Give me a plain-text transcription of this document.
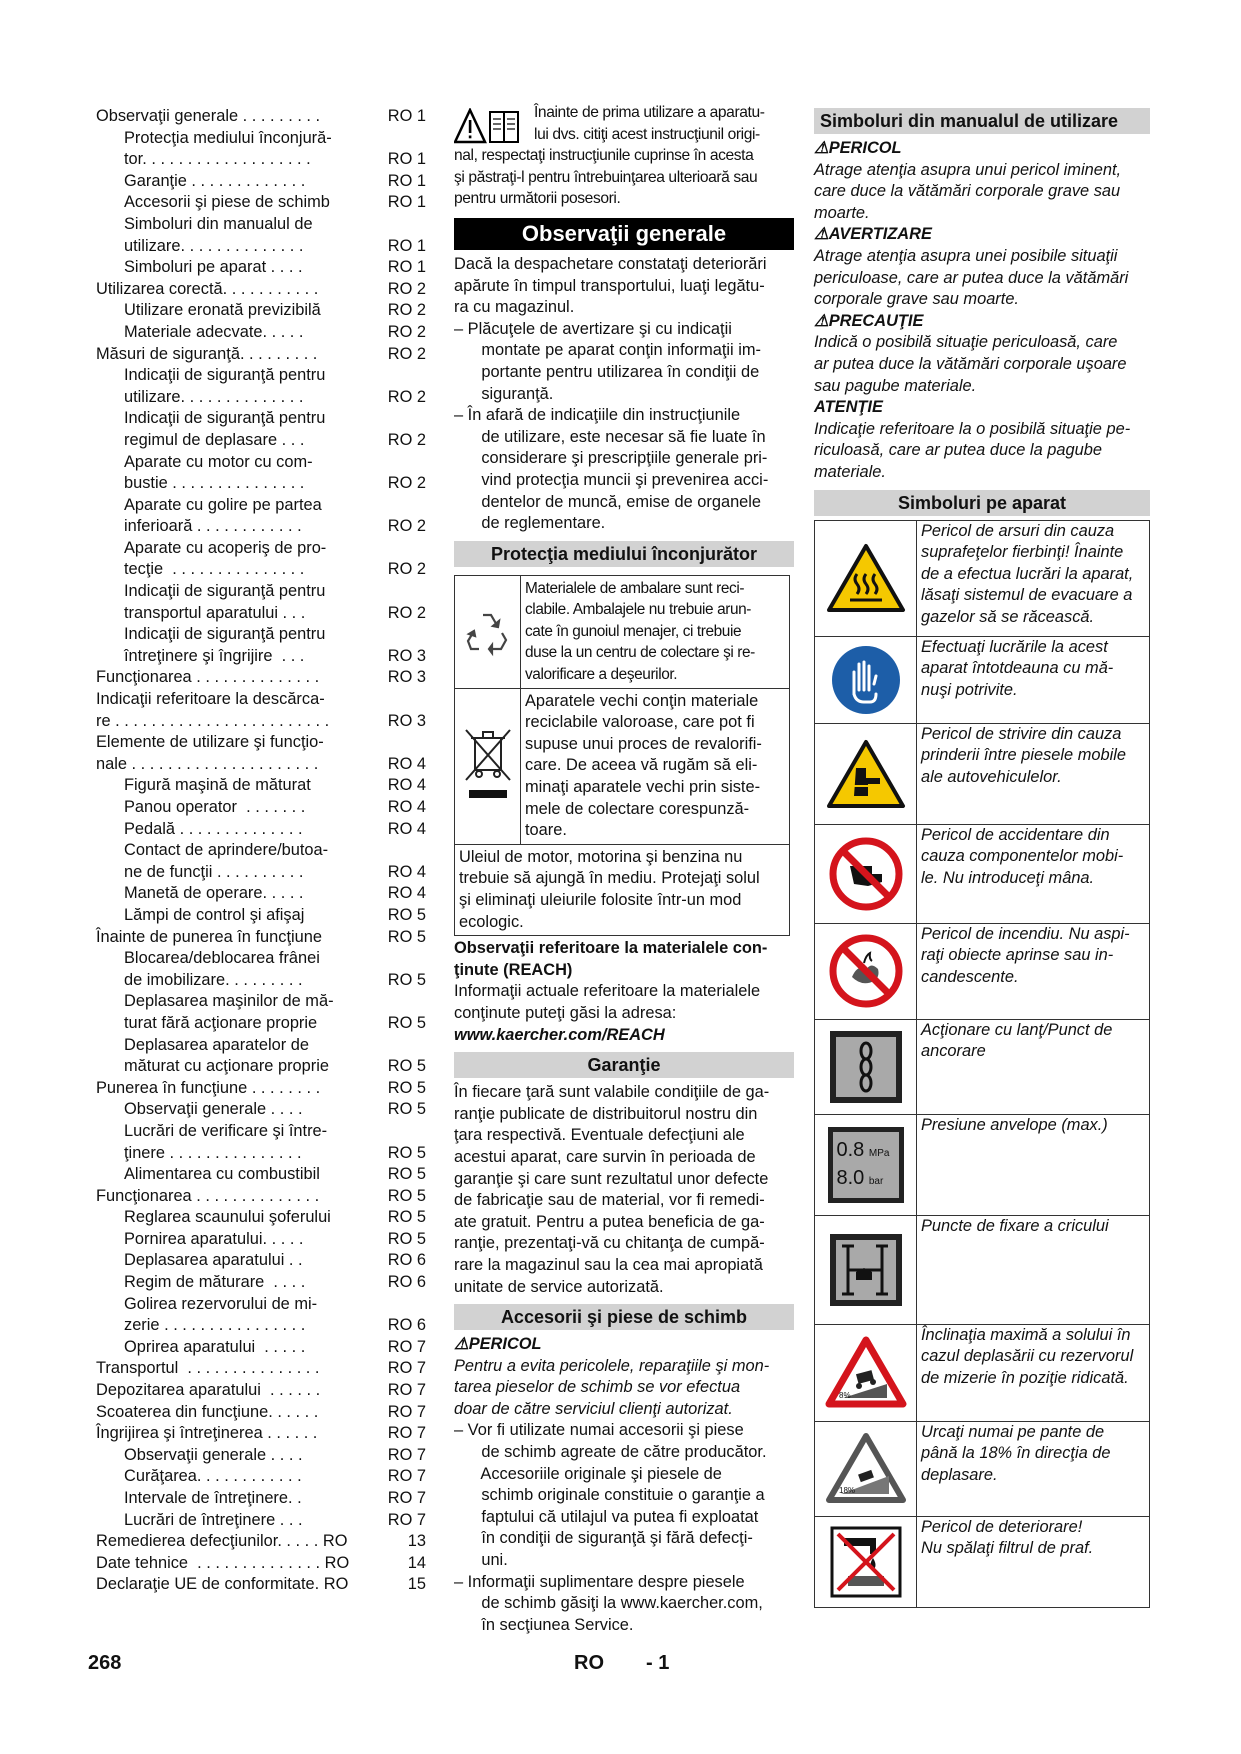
Observaţii generale . . . . . . . . .	RO 1
Protecţia mediului înconjură-
tor. . . . . . . . . . . . . . . . . . .	RO 1
Garanţie . . . . . . . . . . . . .	RO 1
Accesorii şi piese de schimb	RO 1
Simboluri din manualul de
utilizare. . . . . . . . . . . . . .	RO 1
Simboluri pe aparat . . . .	RO 1
Utilizarea corectă. . . . . . . . . . .	RO 2
Utilizare eronată previzibilă	RO 2
Materiale adecvate. . . . .	RO 2
Măsuri de siguranţă. . . . . . . . .	RO 2
Indicaţii de siguranţă pentru
utilizare. . . . . . . . . . . . . .	RO 2
Indicaţii de siguranţă pentru
regimul de deplasare . . .	RO 2
Aparate cu motor cu com-
bustie . . . . . . . . . . . . . . .	RO 2
Aparate cu golire pe partea
inferioară . . . . . . . . . . . .	RO 2
Aparate cu acoperiş de pro-
tecţie  . . . . . . . . . . . . . . .	RO 2
Indicaţii de siguranţă pentru
transportul aparatului . . .	RO 2
Indicaţii de siguranţă pentru
întreţinere şi îngrijire  . . .	RO 3
Funcţionarea . . . . . . . . . . . . . .	RO 3
Indicaţii referitoare la descărca-
re . . . . . . . . . . . . . . . . . . . . . . . .	RO 3
Elemente de utilizare şi funcţio-
nale . . . . . . . . . . . . . . . . . . . . .	RO 4
Figură maşină de măturat	RO 4
Panou operator  . . . . . . .	RO 4
Pedală . . . . . . . . . . . . . .	RO 4
Contact de aprindere/butoa-
ne de funcţii . . . . . . . . . .	RO 4
Manetă de operare. . . . .	RO 4
Lămpi de control şi afişaj	RO 5
Înainte de punerea în funcţiune	RO 5
Blocarea/deblocarea frânei
de imobilizare. . . . . . . . .	RO 5
Deplasarea maşinilor de mă-
turat fără acţionare proprie	RO 5
Deplasarea aparatelor de
măturat cu acţionare proprie	RO 5
Punerea în funcţiune . . . . . . . .	RO 5
Observaţii generale . . . .	RO 5
Lucrări de verificare şi între-
ţinere . . . . . . . . . . . . . . .	RO 5
Alimentarea cu combustibil	RO 5
Funcţionarea . . . . . . . . . . . . . .	RO 5
Reglarea scaunului şoferului	RO 5
Pornirea aparatului. . . . .	RO 5
Deplasarea aparatului . .	RO 6
Regim de măturare  . . . .	RO 6
Golirea rezervorului de mi-
zerie . . . . . . . . . . . . . . . .	RO 6
Oprirea aparatului  . . . . .	RO 7
Transportul  . . . . . . . . . . . . . . .	RO 7
Depozitarea aparatului  . . . . . .	RO 7
Scoaterea din funcţiune. . . . . .	RO 7
Îngrijirea şi întreţinerea . . . . . .	RO 7
Observaţii generale . . . .	RO 7
Curăţarea. . . . . . . . . . . .	RO 7
Intervale de întreţinere. .	RO 7
Lucrări de întreţinere . . .	RO 7
Remedierea defecţiunilor. . . . . RO	13
Date tehnice  . . . . . . . . . . . . . . RO	14
Declaraţie UE de conformitate. RO	15

Înainte de prima utilizare a aparatu-

lui dvs. citiţi acest instrucţiunil origi-

nal, respectaţi instrucţiunile cuprinse în acesta

şi păstraţi-l pentru întrebuinţarea ulterioară sau

pentru următorii posesori.

Observaţii generale

Dacă la despachetare constataţi deteriorări

apărute în timpul transportului, luaţi legătu-

ra cu magazinul.

– Plăcuţele de avertizare şi cu indicaţii
montate pe aparat conţin informaţii im-
portante pentru utilizarea în condiţii de
siguranţă.
– În afară de indicaţiile din instrucţiunile
de utilizare, este necesar să fie luate în
considerare şi prescripţiile generale pri-
vind protecţia muncii şi prevenirea acci-
dentelor de muncă, emise de organele
de reglementare.
Protecţia mediului înconjurător

Materialele de ambalare sunt reci-

clabile. Ambalajele nu trebuie arun-

cate în gunoiul menajer, ci trebuie

duse la un centru de colectare şi re-

valorificare a deşeurilor.

Aparatele vechi conţin materiale

reciclabile valoroase, care pot fi

supuse unui proces de revalorifi-

care. De aceea vă rugăm să eli-

minaţi aparatele vechi prin siste-

mele de colectare corespunză-

toare.

Uleiul de motor, motorina şi benzina nu

trebuie să ajungă în mediu. Protejaţi solul

şi eliminaţi uleiurile folosite într-un mod

ecologic.

Observaţii referitoare la materialele con-

ţinute (REACH)

Informaţii actuale referitoare la materialele

conţinute puteţi găsi la adresa:

www.kaercher.com/REACH

Garanţie

În fiecare ţară sunt valabile condiţiile de ga-

ranţie publicate de distribuitorul nostru din

ţara respectivă. Eventuale defecţiuni ale

acestui aparat, care survin în perioada de

garanţie şi care sunt rezultatul unor defecte

de fabricaţie sau de material, vor fi remedi-

ate gratuit. Pentru a putea beneficia de ga-

ranţie, prezentaţi-vă cu chitanţa de cumpă-

rare la magazinul sau la cea mai apropiată

unitate de service autorizată.

Accesorii şi piese de schimb

⚠PERICOL

Pentru a evita pericolele, reparaţiile şi mon-

tarea pieselor de schimb se vor efectua

doar de către serviciul clienţi autorizat.

– Vor fi utilizate numai accesorii şi piese
de schimb agreate de către producător.
Accesoriile originale şi piesele de
schimb originale constituie o garanţie a
faptului că utilajul va putea fi exploatat
în condiţii de siguranţă şi fără defecţi-
uni.
– Informaţii suplimentare despre piesele
de schimb găsiţi la www.kaercher.com,
în secţiunea Service.
Simboluri din manualul de utilizare

⚠PERICOL

Atrage atenţia asupra unui pericol iminent,

care duce la vătămări corporale grave sau

moarte.

⚠AVERTIZARE

Atrage atenţia asupra unei posibile situaţii

periculoase, care ar putea duce la vătămări

corporale grave sau moarte.

⚠PRECAUŢIE

Indică o posibilă situaţie periculoasă, care

ar putea duce la vătămări corporale uşoare

sau pagube materiale.

ATENŢIE

Indicaţie referitoare la o posibilă situaţie pe-

riculoasă, care ar putea duce la pagube

materiale.

Simboluri pe aparat

Pericol de arsuri din cauza

suprafeţelor fierbinţi! Înainte

de a efectua lucrări la aparat,

lăsaţi sistemul de evacuare a

gazelor să se răcească.

Efectuaţi lucrările la acest

aparat întotdeauna cu mă-

nuşi potrivite.

Pericol de strivire din cauza

prinderii între piesele mobile

ale autovehiculelor.

Pericol de accidentare din

cauza componentelor mobi-

le. Nu introduceţi mâna.

Pericol de incendiu. Nu aspi-

raţi obiecte aprinse sau in-

candescente.

Acţionare cu lanţ/Punct de

ancorare

0.8 MPa
8.0 bar

Presiune anvelope (max.)

Puncte de fixare a cricului

8%

Înclinaţia maximă a solului în

cazul deplasării cu rezervorul

de mizerie în poziţie ridicată.

18%

Urcaţi numai pe pante de

până la 18% în direcţia de

deplasare.

Pericol de deteriorare!

Nu spălaţi filtrul de praf.

268	RO - 1
